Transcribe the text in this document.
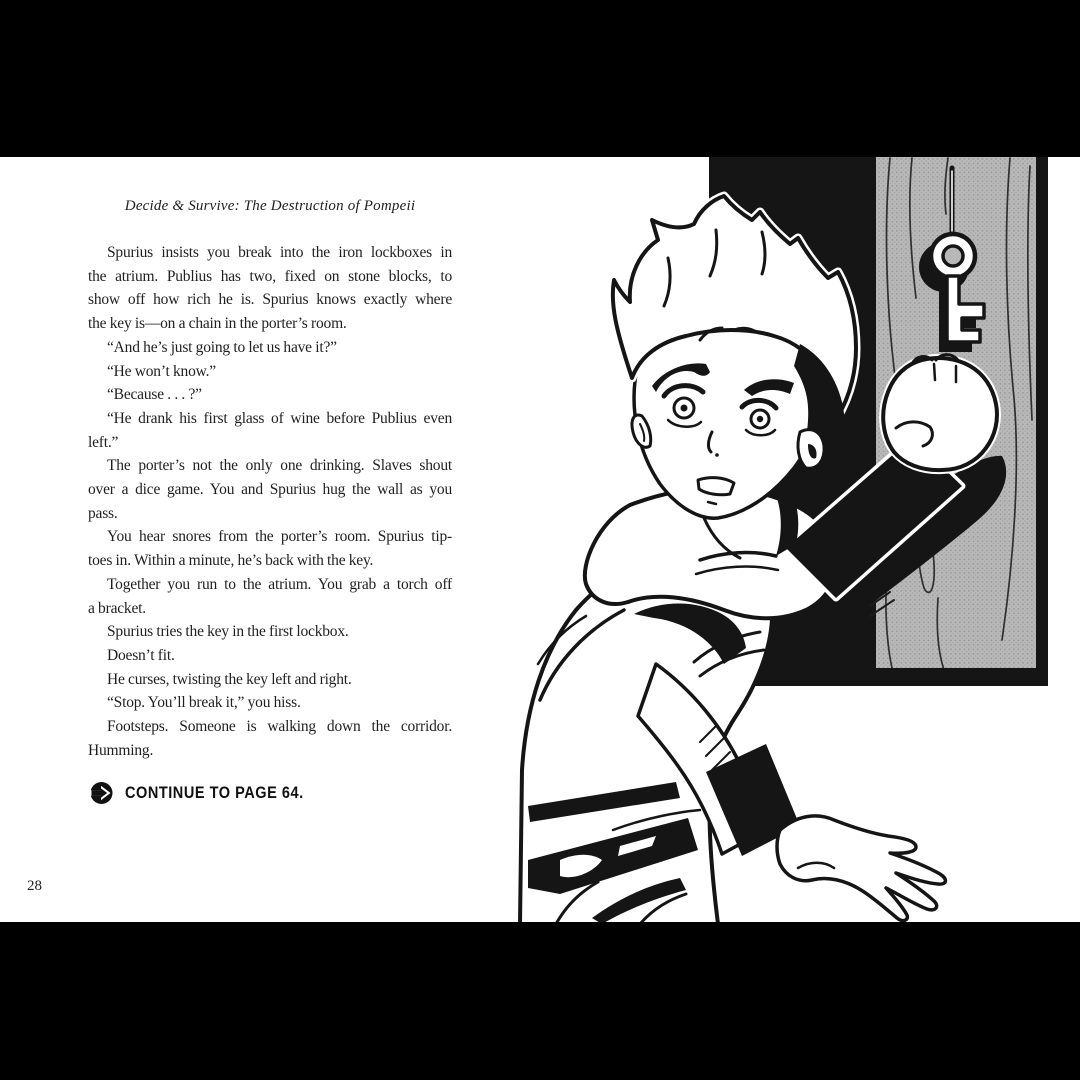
Decide & Survive: The Destruction of Pompeii

Spurius insists you break into the iron lockboxes in
the atrium. Publius has two, fixed on stone blocks, to
show off how rich he is. Spurius knows exactly where
the key is—on a chain in the porter’s room.

“And he’s just going to let us have it?”

“He won’t know.”

“Because . . . ?”

“He drank his first glass of wine before Publius even
left.”

The porter’s not the only one drinking. Slaves shout
over a dice game. You and Spurius hug the wall as you
pass.

You hear snores from the porter’s room. Spurius tip-
toes in. Within a minute, he’s back with the key.

Together you run to the atrium. You grab a torch off
a bracket.

Spurius tries the key in the first lockbox.

Doesn’t fit.

He curses, twisting the key left and right.

“Stop. You’ll break it,” you hiss.

Footsteps. Someone is walking down the corridor.
Humming.

CONTINUE TO PAGE 64.
28
